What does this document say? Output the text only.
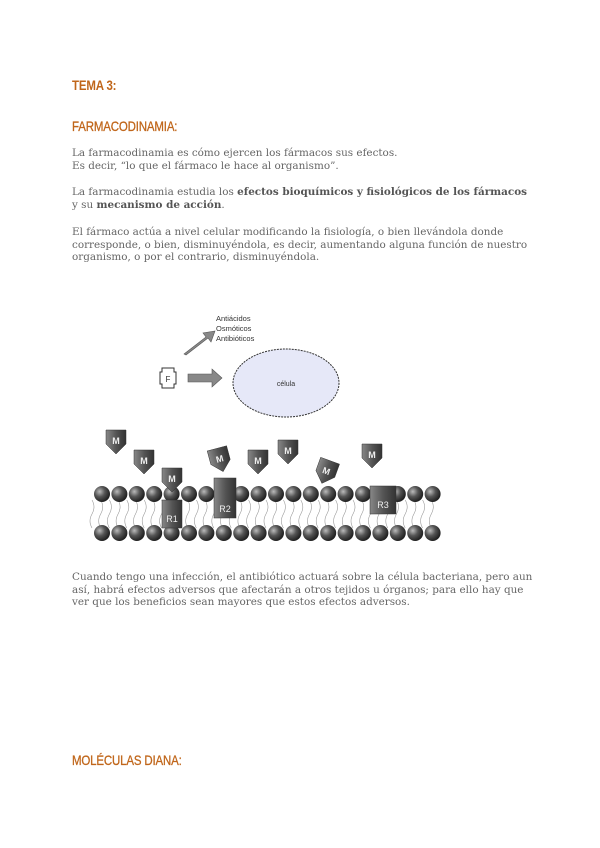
TEMA 3:
FARMACODINAMIA:
La farmacodinamia es cómo ejercen los fármacos sus efectos.
Es decir, “lo que el fármaco le hace al organismo”.
La farmacodinamia estudia los efectos bioquímicos y fisiológicos de los fármacos y su mecanismo de acción.
El fármaco actúa a nivel celular modificando la fisiología, o bien llevándola donde corresponde, o bien, disminuyéndola, es decir, aumentando alguna función de nuestro organismo, o por el contrario, disminuyéndola.
F
Antiácidos
Osmóticos
Antibióticos
célula
R1
R2	R3
M
M
M
M	M
M
M
M
Cuando tengo una infección, el antibiótico actuará sobre la célula bacteriana, pero aun así, habrá efectos adversos que afectarán a otros tejidos u órganos; para ello hay que ver que los beneficios sean mayores que estos efectos adversos.
MOLÉCULAS DIANA:
